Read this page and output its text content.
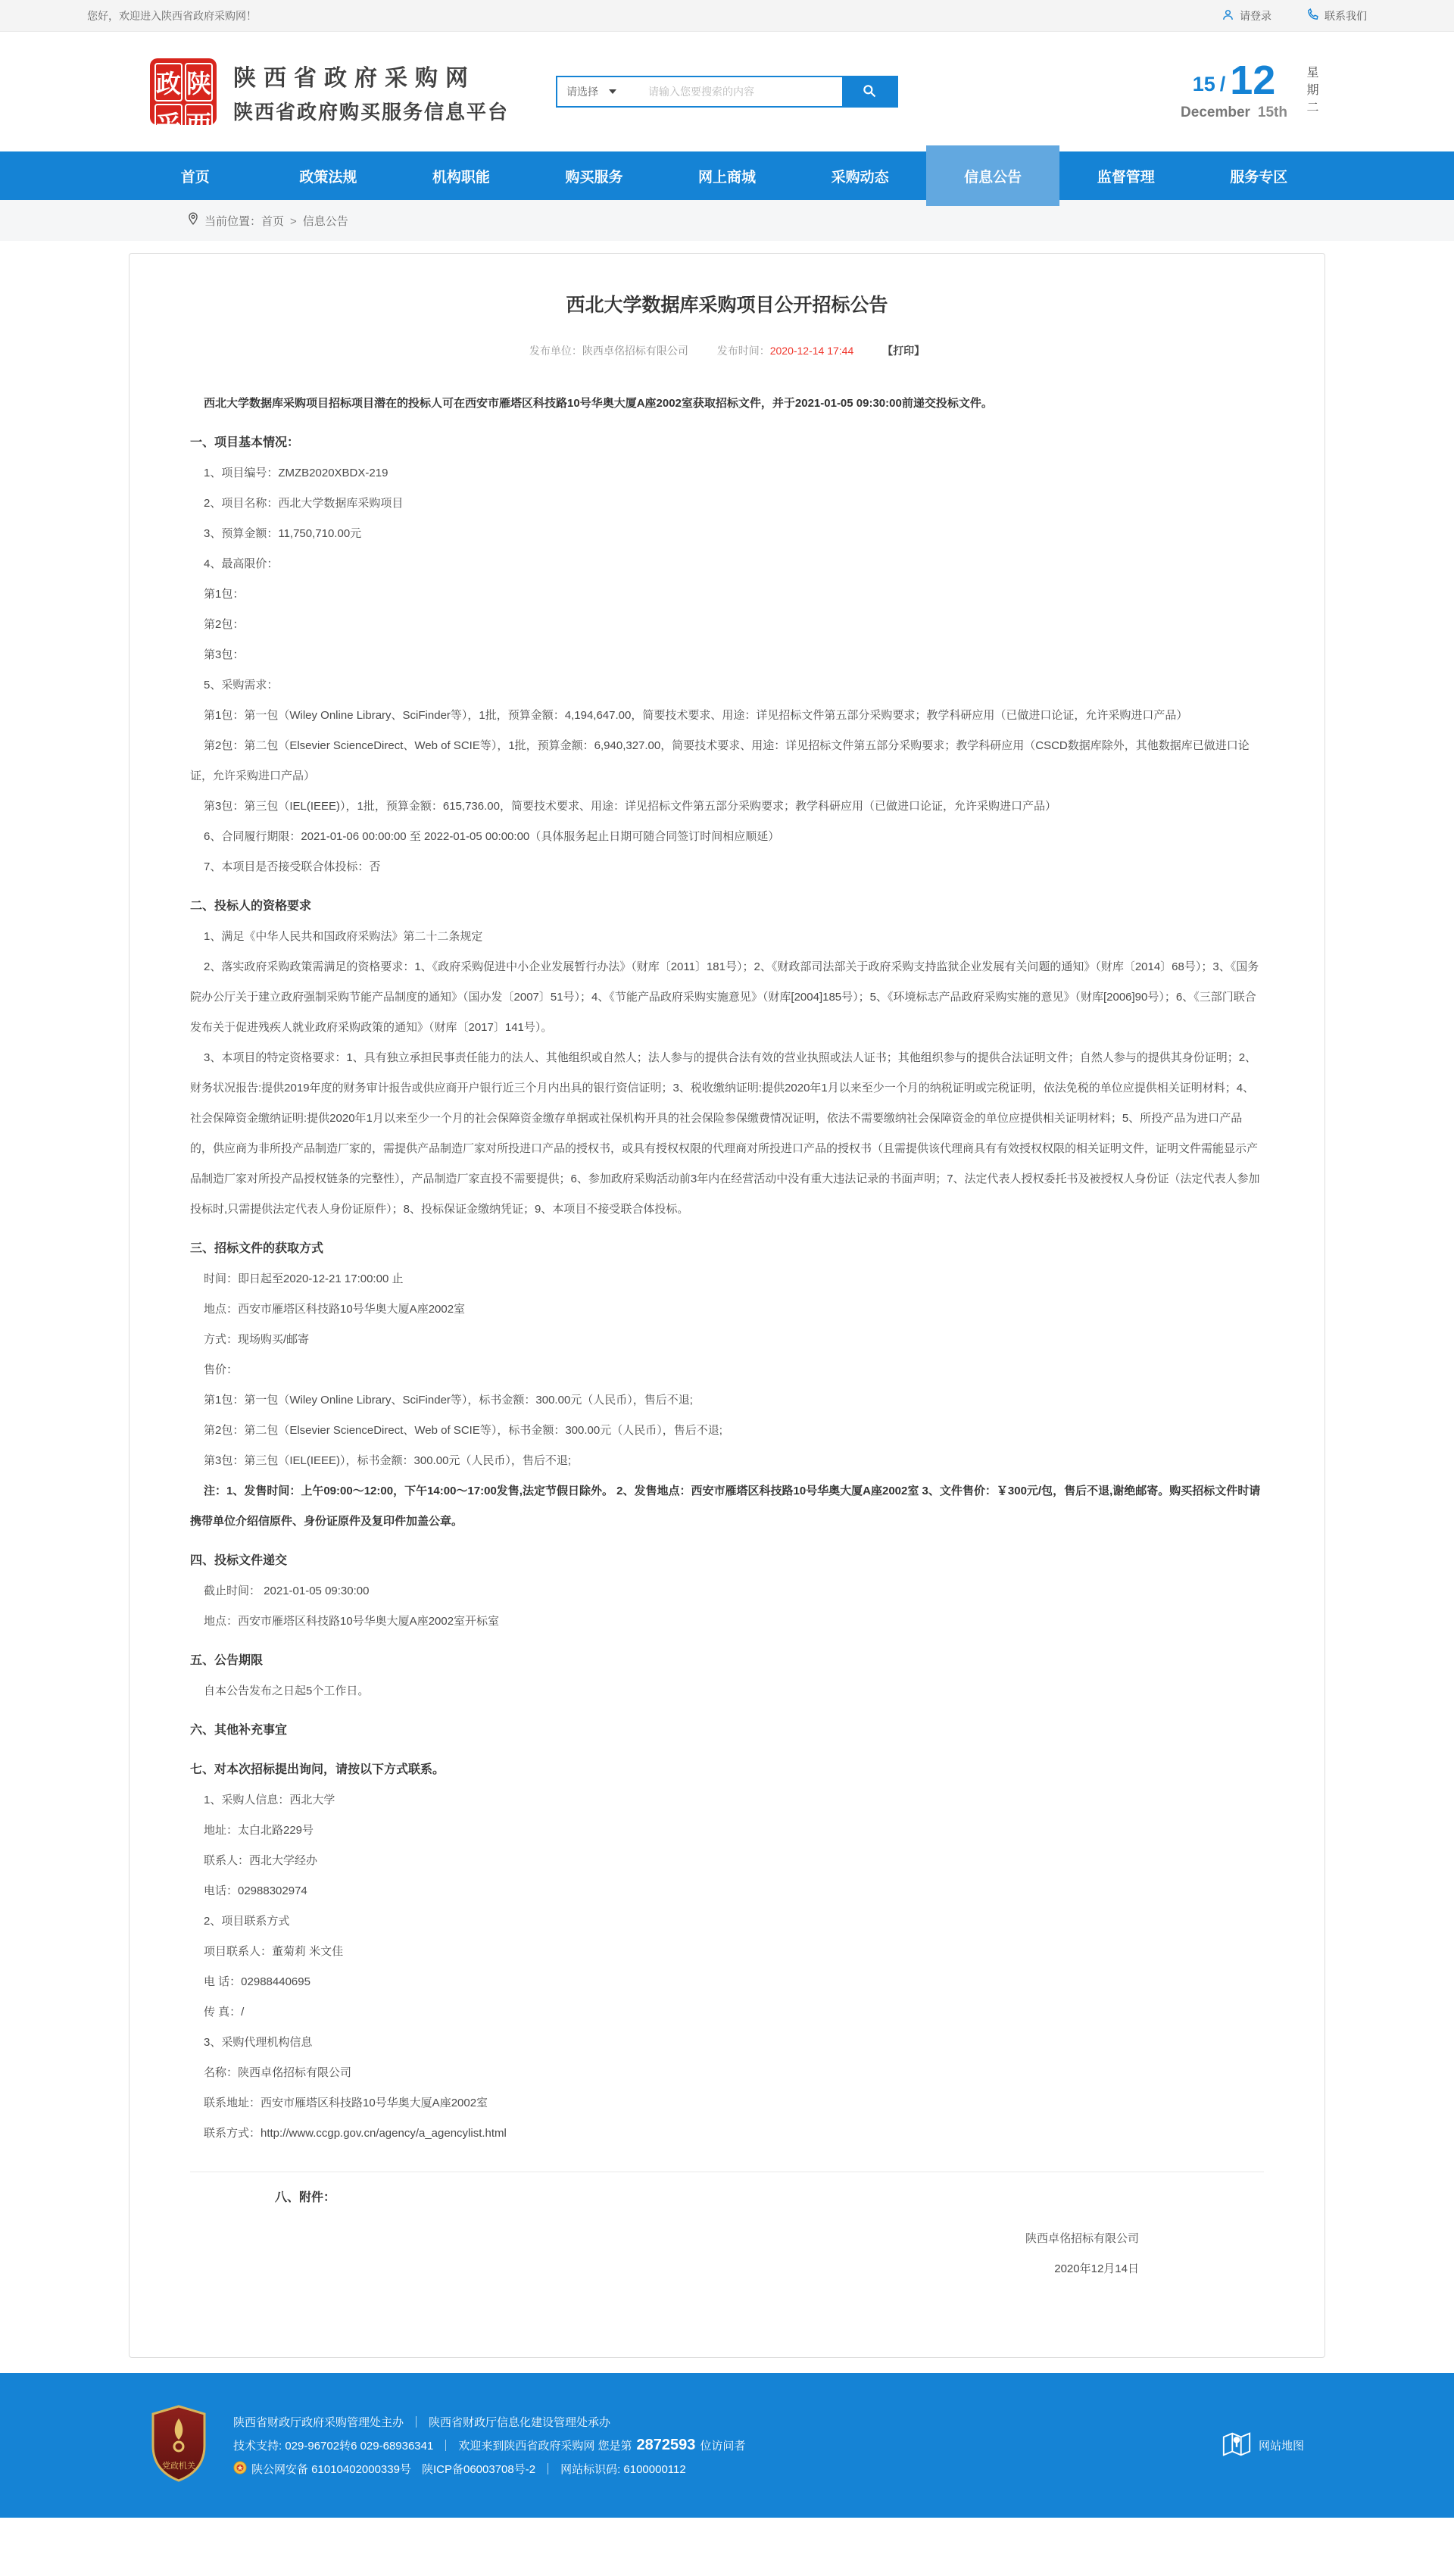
您好，欢迎进入陕西省政府采购网！	请登录	联系我们
政 陕
采 西
陕西省政府采购网
陕西省政府购买服务信息平台
请选择
请输入您要搜索的内容	15 / 12
December 15th 星期二
首页	政策法规	机构职能	购买服务	网上商城	采购动态	信息公告	监督管理	服务专区
当前位置：首页 > 信息公告
西北大学数据库采购项目公开招标公告
发布单位：陕西卓佲招标有限公司	发布时间：2020-12-14 17:44	【打印】
西北大学数据库采购项目招标项目潜在的投标人可在西安市雁塔区科技路10号华奥大厦A座2002室获取招标文件，并于2021-01-05 09:30:00前递交投标文件。
一、项目基本情况：
1、项目编号：ZMZB2020XBDX-219
2、项目名称：西北大学数据库采购项目
3、预算金额：11,750,710.00元
4、最高限价：
第1包：
第2包：
第3包：
5、采购需求：
第1包：第一包（Wiley Online Library、SciFinder等），1批，预算金额：4,194,647.00，简要技术要求、用途：详见招标文件第五部分采购要求；教学科研应用（已做进口论证，允许采购进口产品）
第2包：第二包（Elsevier ScienceDirect、Web of SCIE等），1批，预算金额：6,940,327.00，简要技术要求、用途：详见招标文件第五部分采购要求；教学科研应用（CSCD数据库除外，其他数据库已做进口论证，允许采购进口产品）
第3包：第三包（IEL(IEEE)），1批，预算金额：615,736.00，简要技术要求、用途：详见招标文件第五部分采购要求；教学科研应用（已做进口论证，允许采购进口产品）
6、合同履行期限：2021-01-06 00:00:00 至 2022-01-05 00:00:00（具体服务起止日期可随合同签订时间相应顺延）
7、本项目是否接受联合体投标：否
二、投标人的资格要求
1、满足《中华人民共和国政府采购法》第二十二条规定
2、落实政府采购政策需满足的资格要求：1、《政府采购促进中小企业发展暂行办法》（财库〔2011〕181号）；2、《财政部司法部关于政府采购支持监狱企业发展有关问题的通知》（财库〔2014〕68号）；3、《国务院办公厅关于建立政府强制采购节能产品制度的通知》（国办发〔2007〕51号）；4、《节能产品政府采购实施意见》（财库[2004]185号）；5、《环境标志产品政府采购实施的意见》（财库[2006]90号）；6、《三部门联合发布关于促进残疾人就业政府采购政策的通知》（财库〔2017〕141号）。
3、本项目的特定资格要求：1、具有独立承担民事责任能力的法人、其他组织或自然人；法人参与的提供合法有效的营业执照或法人证书；其他组织参与的提供合法证明文件；自然人参与的提供其身份证明；2、财务状况报告:提供2019年度的财务审计报告或供应商开户银行近三个月内出具的银行资信证明；3、税收缴纳证明:提供2020年1月以来至少一个月的纳税证明或完税证明，依法免税的单位应提供相关证明材料；4、社会保障资金缴纳证明:提供2020年1月以来至少一个月的社会保障资金缴存单据或社保机构开具的社会保险参保缴费情况证明，依法不需要缴纳社会保障资金的单位应提供相关证明材料；5、所投产品为进口产品的，供应商为非所投产品制造厂家的，需提供产品制造厂家对所投进口产品的授权书，或具有授权权限的代理商对所投进口产品的授权书（且需提供该代理商具有有效授权权限的相关证明文件，证明文件需能显示产品制造厂家对所投产品授权链条的完整性），产品制造厂家直投不需要提供；6、参加政府采购活动前3年内在经营活动中没有重大违法记录的书面声明；7、法定代表人授权委托书及被授权人身份证（法定代表人参加投标时,只需提供法定代表人身份证原件）；8、投标保证金缴纳凭证；9、本项目不接受联合体投标。
三、招标文件的获取方式
时间：即日起至2020-12-21 17:00:00 止
地点：西安市雁塔区科技路10号华奥大厦A座2002室
方式：现场购买/邮寄
售价：
第1包：第一包（Wiley Online Library、SciFinder等），标书金额：300.00元（人民币），售后不退;
第2包：第二包（Elsevier ScienceDirect、Web of SCIE等），标书金额：300.00元（人民币），售后不退;
第3包：第三包（IEL(IEEE)），标书金额：300.00元（人民币），售后不退;
注：1、发售时间：上午09:00～12:00，下午14:00～17:00发售,法定节假日除外。 2、发售地点：西安市雁塔区科技路10号华奥大厦A座2002室 3、文件售价：￥300元/包，售后不退,谢绝邮寄。购买招标文件时请携带单位介绍信原件、身份证原件及复印件加盖公章。
四、投标文件递交
截止时间： 2021-01-05 09:30:00
地点：西安市雁塔区科技路10号华奥大厦A座2002室开标室
五、公告期限
自本公告发布之日起5个工作日。
六、其他补充事宜
七、对本次招标提出询问，请按以下方式联系。
1、采购人信息：西北大学
地址：太白北路229号
联系人：西北大学经办
电话：02988302974
2、项目联系方式
项目联系人：董菊莉 米文佳
电 话：02988440695
传 真：/
3、采购代理机构信息
名称：陕西卓佲招标有限公司
联系地址：西安市雁塔区科技路10号华奥大厦A座2002室
联系方式：http://www.ccgp.gov.cn/agency/a_agencylist.html
八、附件：
陕西卓佲招标有限公司
2020年12月14日
党政机关
陕西省财政厅政府采购管理处主办 陕西省财政厅信息化建设管理处承办
技术支持: 029-96702转6 029-68936341 欢迎来到陕西省政府采购网 您是第 2872593 位访问者
陕公网安备 61010402000339号 陕ICP备06003708号-2 网站标识码: 6100000112
网站地图
